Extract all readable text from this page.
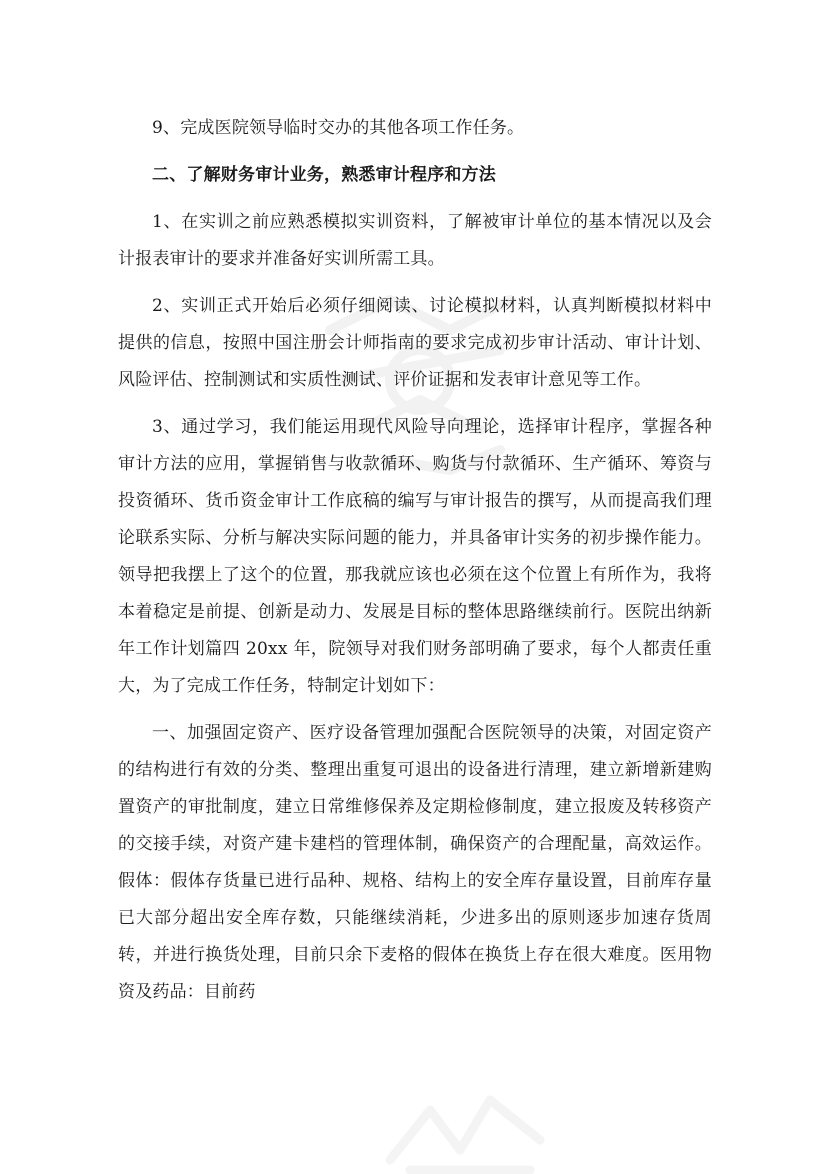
9、完成医院领导临时交办的其他各项工作任务。

二、了解财务审计业务，熟悉审计程序和方法

1、在实训之前应熟悉模拟实训资料，了解被审计单位的基本情况以及会计报表审计的要求并准备好实训所需工具。

2、实训正式开始后必须仔细阅读、讨论模拟材料，认真判断模拟材料中提供的信息，按照中国注册会计师指南的要求完成初步审计活动、审计计划、风险评估、控制测试和实质性测试、评价证据和发表审计意见等工作。

3、通过学习，我们能运用现代风险导向理论，选择审计程序，掌握各种审计方法的应用，掌握销售与收款循环、购货与付款循环、生产循环、筹资与投资循环、货币资金审计工作底稿的编写与审计报告的撰写，从而提高我们理论联系实际、分析与解决实际问题的能力，并具备审计实务的初步操作能力。领导把我摆上了这个的位置，那我就应该也必须在这个位置上有所作为，我将本着稳定是前提、创新是动力、发展是目标的整体思路继续前行。医院出纳新年工作计划篇四 20xx 年，院领导对我们财务部明确了要求，每个人都责任重大，为了完成工作任务，特制定计划如下：

一、加强固定资产、医疗设备管理加强配合医院领导的决策，对固定资产的结构进行有效的分类、整理出重复可退出的设备进行清理，建立新增新建购置资产的审批制度，建立日常维修保养及定期检修制度，建立报废及转移资产的交接手续，对资产建卡建档的管理体制，确保资产的合理配量，高效运作。假体：假体存货量已进行品种、规格、结构上的安全库存量设置，目前库存量已大部分超出安全库存数，只能继续消耗，少进多出的原则逐步加速存货周转，并进行换货处理，目前只余下麦格的假体在换货上存在很大难度。医用物资及药品：目前药
